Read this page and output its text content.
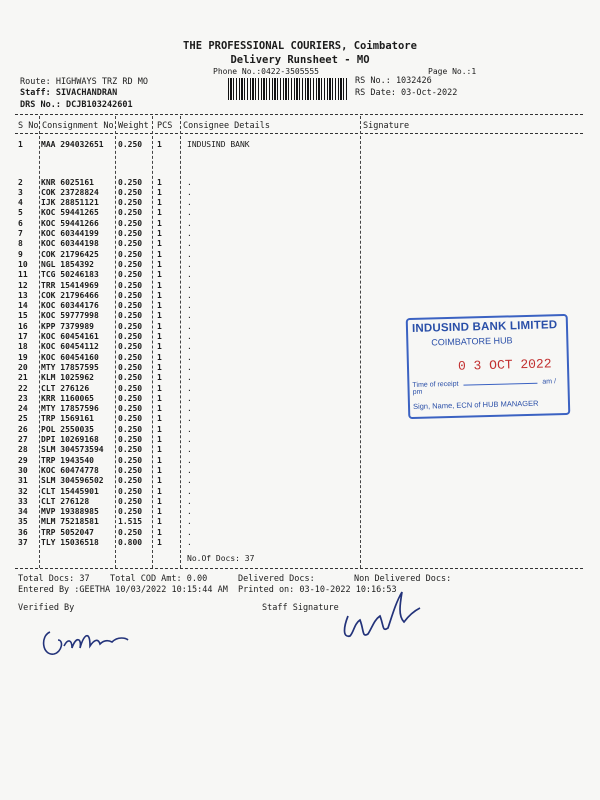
THE PROFESSIONAL COURIERS, Coimbatore
Delivery Runsheet - MO
Phone No.:0422-3505555	Page No.:1
Route: HIGHWAYS TRZ RD MO
Staff: SIVACHANDRAN
DRS No.: DCJB103242601
RS No.: 1032426
RS Date: 03-Oct-2022
S No Consignment No Weight PCS Consignee Details	Signature
1 MAA 294032651 0.250 1	INDUSIND BANK
2 KNR 6025161	0.250 1	.
3 COK 23728824 0.250 1	.
4 IJK 28851121 0.250 1	.
5 KOC 59441265 0.250 1	.
6 KOC 59441266 0.250 1	.
7 KOC 60344199 0.250 1	.
8 KOC 60344198 0.250 1	.
9 COK 21796425 0.250 1	.
10 NGL 1854392	0.250 1	.
11 TCG 50246183 0.250 1	.
12 TRR 15414969 0.250 1	.
13 COK 21796466 0.250 1	.
14 KOC 60344176 0.250 1	.
15 KOC 59777998 0.250 1	.
16 KPP 7379989	0.250 1	.
17 KOC 60454161 0.250 1	.
18 KOC 60454112 0.250 1	.
19 KOC 60454160 0.250 1	.
20 MTY 17857595 0.250 1	.
21 KLM 1025962	0.250 1	.
22 CLT 276126	0.250 1	.
23 KRR 1160065	0.250 1	.
24 MTY 17857596 0.250 1	.
25 TRP 1569161	0.250 1	.
26 POL 2550035	0.250 1	.
27 DPI 10269168 0.250 1	.
28 SLM 304573594 0.250 1	.
29 TRP 1943540	0.250 1	.
30 KOC 60474778 0.250 1	.
31 SLM 304596502 0.250 1	.
32 CLT 15445901 0.250 1	.
33 CLT 276128	0.250 1	.
34 MVP 19388985 0.250 1	.
35 MLM 75218581 1.515 1	.
36 TRP 5052047	0.250 1	.
37 TLY 15036518 0.800 1	.
No.Of Docs: 37
Total Docs: 37 Total COD Amt: 0.00	Delivered Docs:	Non Delivered Docs:
Entered By :GEETHA 10/03/2022 10:15:44 AM Printed on: 03-10-2022 10:16:53
Verified By	Staff Signature
INDUSIND BANK LIMITED
COIMBATORE HUB
0 3 OCT 2022
Time of receipt	am / pm
Sign, Name, ECN of HUB MANAGER
